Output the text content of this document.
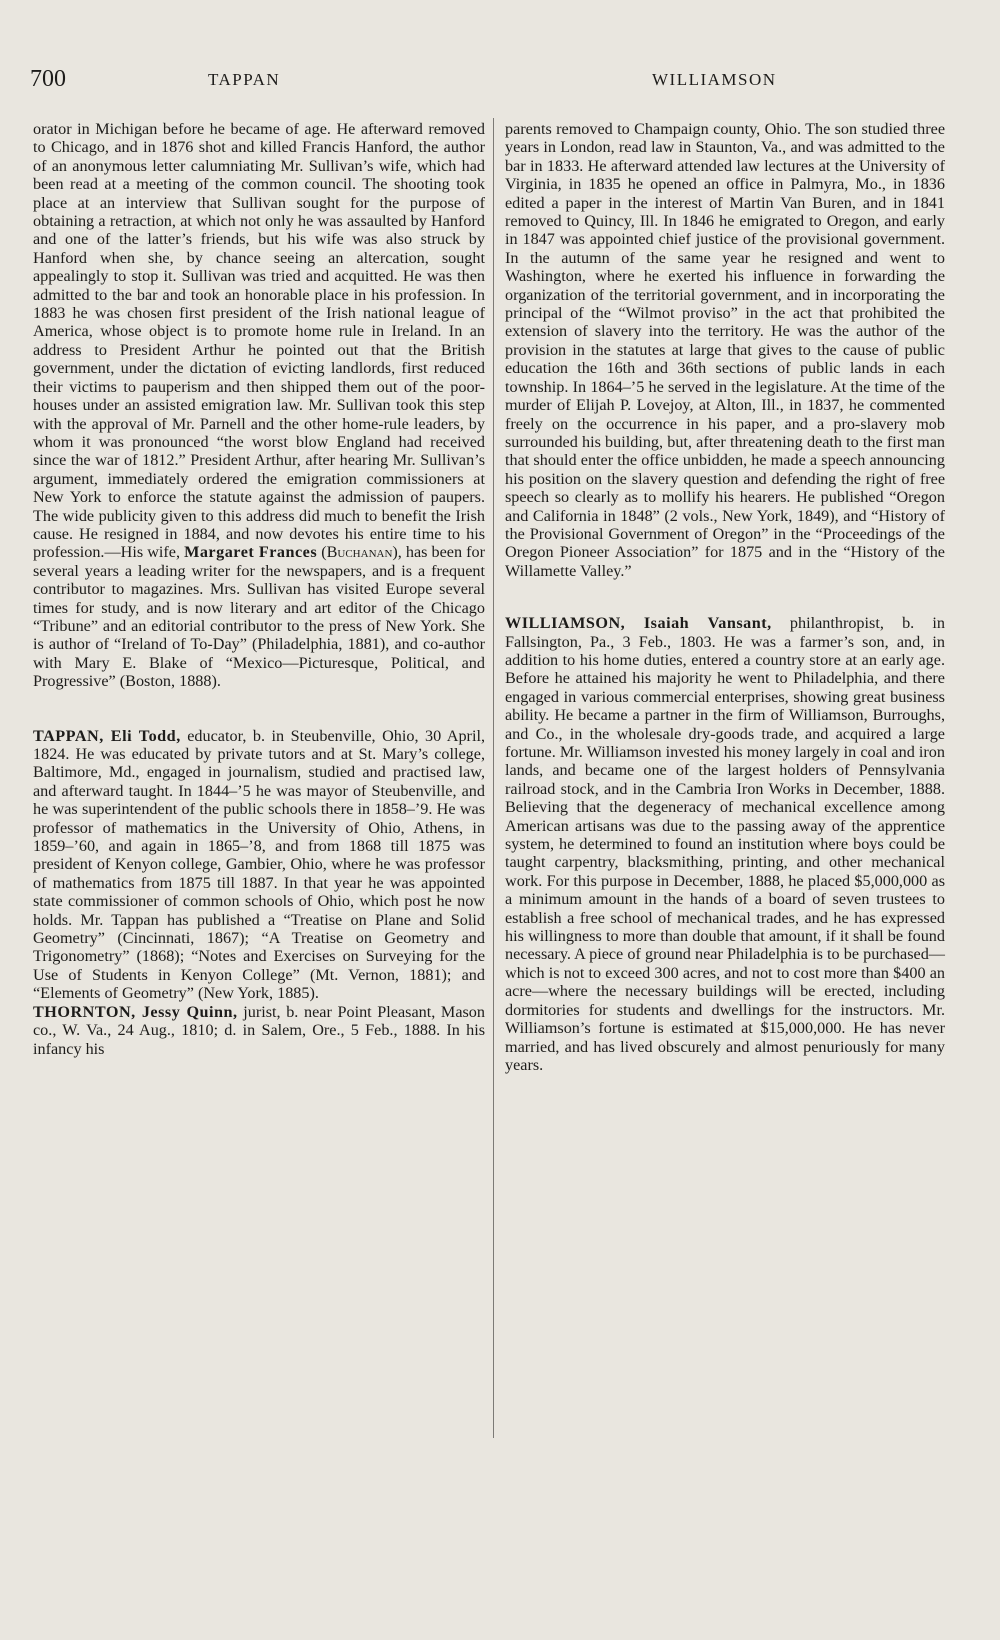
700	TAPPAN	WILLIAMSON

orator in Michigan before he became of age. He afterward removed to Chicago, and in 1876 shot and killed Francis Hanford, the author of an anonymous letter calumniating Mr. Sullivan’s wife, which had been read at a meeting of the common council. The shooting took place at an interview that Sullivan sought for the purpose of obtaining a retraction, at which not only he was assaulted by Hanford and one of the latter’s friends, but his wife was also struck by Hanford when she, by chance seeing an altercation, sought appealingly to stop it. Sullivan was tried and acquitted. He was then admitted to the bar and took an honorable place in his profession. In 1883 he was chosen first president of the Irish national league of America, whose object is to promote home rule in Ireland. In an address to President Arthur he pointed out that the British government, under the dictation of evicting landlords, first reduced their victims to pauperism and then shipped them out of the poor-houses under an assisted emigration law. Mr. Sullivan took this step with the approval of Mr. Parnell and the other home-rule leaders, by whom it was pronounced “the worst blow England had received since the war of 1812.” President Arthur, after hearing Mr. Sullivan’s argument, immediately ordered the emigration commissioners at New York to enforce the statute against the admission of paupers. The wide publicity given to this address did much to benefit the Irish cause. He resigned in 1884, and now devotes his entire time to his profession.—His wife, Margaret Frances (Buchanan), has been for several years a leading writer for the newspapers, and is a frequent contributor to magazines. Mrs. Sullivan has visited Europe several times for study, and is now literary and art editor of the Chicago “Tribune” and an editorial contributor to the press of New York. She is author of “Ireland of To-Day” (Philadelphia, 1881), and co-author with Mary E. Blake of “Mexico—Picturesque, Political, and Progressive” (Boston, 1888).

TAPPAN, Eli Todd, educator, b. in Steubenville, Ohio, 30 April, 1824. He was educated by private tutors and at St. Mary’s college, Baltimore, Md., engaged in journalism, studied and practised law, and afterward taught. In 1844–’5 he was mayor of Steubenville, and he was superintendent of the public schools there in 1858–’9. He was professor of mathematics in the University of Ohio, Athens, in 1859–’60, and again in 1865–’8, and from 1868 till 1875 was president of Kenyon college, Gambier, Ohio, where he was professor of mathematics from 1875 till 1887. In that year he was appointed state commissioner of common schools of Ohio, which post he now holds. Mr. Tappan has published a “Treatise on Plane and Solid Geometry” (Cincinnati, 1867); “A Treatise on Geometry and Trigonometry” (1868); “Notes and Exercises on Surveying for the Use of Students in Kenyon College” (Mt. Vernon, 1881); and “Elements of Geometry” (New York, 1885).

THORNTON, Jessy Quinn, jurist, b. near Point Pleasant, Mason co., W. Va., 24 Aug., 1810; d. in Salem, Ore., 5 Feb., 1888. In his infancy his

parents removed to Champaign county, Ohio. The son studied three years in London, read law in Staunton, Va., and was admitted to the bar in 1833. He afterward attended law lectures at the University of Virginia, in 1835 he opened an office in Palmyra, Mo., in 1836 edited a paper in the interest of Martin Van Buren, and in 1841 removed to Quincy, Ill. In 1846 he emigrated to Oregon, and early in 1847 was appointed chief justice of the provisional government. In the autumn of the same year he resigned and went to Washington, where he exerted his influence in forwarding the organization of the territorial government, and in incorporating the principal of the “Wilmot proviso” in the act that prohibited the extension of slavery into the territory. He was the author of the provision in the statutes at large that gives to the cause of public education the 16th and 36th sections of public lands in each township. In 1864–’5 he served in the legislature. At the time of the murder of Elijah P. Lovejoy, at Alton, Ill., in 1837, he commented freely on the occurrence in his paper, and a pro-slavery mob surrounded his building, but, after threatening death to the first man that should enter the office unbidden, he made a speech announcing his position on the slavery question and defending the right of free speech so clearly as to mollify his hearers. He published “Oregon and California in 1848” (2 vols., New York, 1849), and “History of the Provisional Government of Oregon” in the “Proceedings of the Oregon Pioneer Association” for 1875 and in the “History of the Willamette Valley.”

WILLIAMSON, Isaiah Vansant, philanthropist, b. in Fallsington, Pa., 3 Feb., 1803. He was a farmer’s son, and, in addition to his home duties, entered a country store at an early age. Before he attained his majority he went to Philadelphia, and there engaged in various commercial enterprises, showing great business ability. He became a partner in the firm of Williamson, Burroughs, and Co., in the wholesale dry-goods trade, and acquired a large fortune. Mr. Williamson invested his money largely in coal and iron lands, and became one of the largest holders of Pennsylvania railroad stock, and in the Cambria Iron Works in December, 1888. Believing that the degeneracy of mechanical excellence among American artisans was due to the passing away of the apprentice system, he determined to found an institution where boys could be taught carpentry, blacksmithing, printing, and other mechanical work. For this purpose in December, 1888, he placed $5,000,000 as a minimum amount in the hands of a board of seven trustees to establish a free school of mechanical trades, and he has expressed his willingness to more than double that amount, if it shall be found necessary. A piece of ground near Philadelphia is to be purchased—which is not to exceed 300 acres, and not to cost more than $400 an acre—where the necessary buildings will be erected, including dormitories for students and dwellings for the instructors. Mr. Williamson’s fortune is estimated at $15,000,000. He has never married, and has lived obscurely and almost penuriously for many years.
